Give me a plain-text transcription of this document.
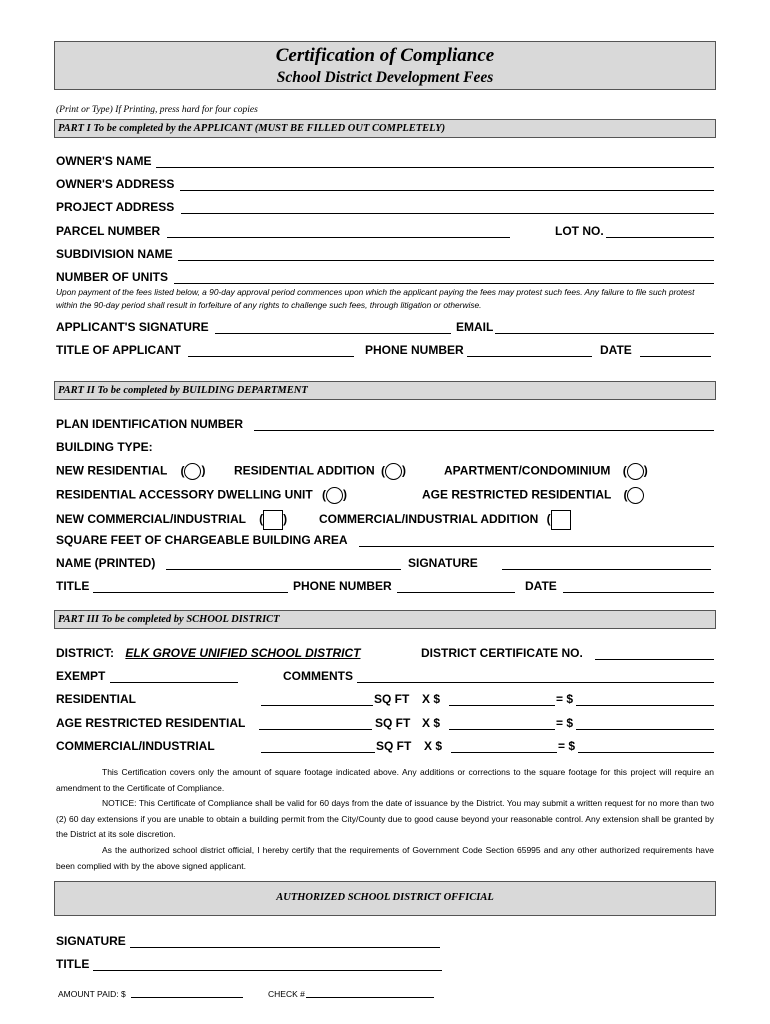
Certification of Compliance
School District Development Fees
(Print or Type) If Printing, press hard for four copies
PART I To be completed by the APPLICANT (MUST BE FILLED OUT COMPLETELY)
OWNER'S NAME
OWNER'S ADDRESS
PROJECT ADDRESS
PARCEL NUMBER	LOT NO.
SUBDIVISION NAME
NUMBER OF UNITS
Upon payment of the fees listed below, a 90-day approval period commences upon which the applicant paying the fees may protest such fees. Any failure to file such protest within the 90-day period shall result in forfeiture of any rights to challenge such fees, through litigation or otherwise.
APPLICANT'S SIGNATURE	EMAIL
TITLE OF APPLICANT	PHONE NUMBER	DATE
PART II To be completed by BUILDING DEPARTMENT
PLAN IDENTIFICATION NUMBER
BUILDING TYPE:
NEW RESIDENTIAL ( ) RESIDENTIAL ADDITION ( )	APARTMENT/CONDOMINIUM ( )
RESIDENTIAL ACCESSORY DWELLING UNIT ( )	AGE RESTRICTED RESIDENTIAL (
NEW COMMERCIAL/INDUSTRIAL ( )	COMMERCIAL/INDUSTRIAL ADDITION (
SQUARE FEET OF CHARGEABLE BUILDING AREA
NAME (PRINTED)	SIGNATURE
TITLE	PHONE NUMBER	DATE
PART III To be completed by SCHOOL DISTRICT
DISTRICT: ELK GROVE UNIFIED SCHOOL DISTRICT	DISTRICT CERTIFICATE NO.
EXEMPT	COMMENTS
RESIDENTIAL	SQ FT X $	= $
AGE RESTRICTED RESIDENTIAL	SQ FT X $	= $
COMMERCIAL/INDUSTRIAL	SQ FT X $	= $
This Certification covers only the amount of square footage indicated above. Any additions or corrections to the square footage for this project will require an amendment to the Certificate of Compliance.
NOTICE: This Certificate of Compliance shall be valid for 60 days from the date of issuance by the District. You may submit a written request for no more than two (2) 60 day extensions if you are unable to obtain a building permit from the City/County due to good cause beyond your reasonable control. Any extension shall be granted by the District at its sole discretion.
As the authorized school district official, I hereby certify that the requirements of Government Code Section 65995 and any other authorized requirements have been complied with by the above signed applicant.
AUTHORIZED SCHOOL DISTRICT OFFICIAL
SIGNATURE
TITLE
AMOUNT PAID: $	CHECK #
